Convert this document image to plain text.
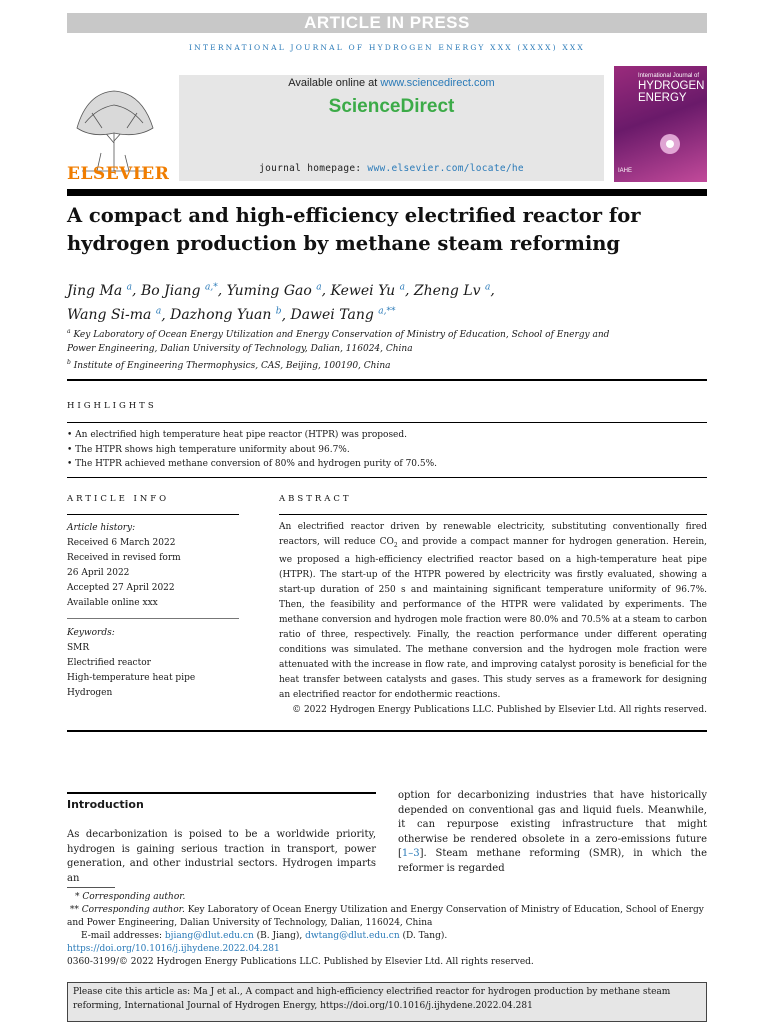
ARTICLE IN PRESS
INTERNATIONAL JOURNAL OF HYDROGEN ENERGY XXX (XXXX) XXX
ELSEVIER
Available online at www.sciencedirect.com
ScienceDirect
journal homepage: www.elsevier.com/locate/he
International Journal of
HYDROGEN
ENERGY
IAHE
A compact and high-efficiency electrified reactor for
hydrogen production by methane steam reforming
Jing Ma $^a$, Bo Jiang $^{a,*}$, Yuming Gao $^a$, Kewei Yu $^a$, Zheng Lv $^a$,
Wang Si-ma $^a$, Dazhong Yuan $^b$, Dawei Tang $^{a,**}$
$^a$ Key Laboratory of Ocean Energy Utilization and Energy Conservation of Ministry of Education, School of Energy and
Power Engineering, Dalian University of Technology, Dalian, 116024, China
$^b$ Institute of Engineering Thermophysics, CAS, Beijing, 100190, China
HIGHLIGHTS
• An electrified high temperature heat pipe reactor (HTPR) was proposed.
• The HTPR shows high temperature uniformity about 96.7%.
• The HTPR achieved methane conversion of 80% and hydrogen purity of 70.5%.
ARTICLE INFO	ABSTRACT
Article history:
Received 6 March 2022
Received in revised form
26 April 2022
Accepted 27 April 2022
Available online xxx
Keywords:
SMR
Electrified reactor
High-temperature heat pipe
Hydrogen
An electrified reactor driven by renewable electricity, substituting conventionally fired reactors, will reduce $CO_2$ and provide a compact manner for hydrogen generation. Herein, we proposed a high-efficiency electrified reactor based on a high-temperature heat pipe (HTPR). The start-up of the HTPR powered by electricity was firstly evaluated, showing a start-up duration of 250 s and maintaining significant temperature uniformity of 96.7%. Then, the feasibility and performance of the HTPR were validated by experiments. The methane conversion and hydrogen mole fraction were 80.0% and 70.5% at a steam to carbon ratio of three, respectively. Finally, the reaction performance under different operating conditions was simulated. The methane conversion and the hydrogen mole fraction were attenuated with the increase in flow rate, and improving catalyst porosity is beneficial for the heat transfer between catalysts and gases. This study serves as a framework for designing an electrified reactor for endothermic reactions.
© 2022 Hydrogen Energy Publications LLC. Published by Elsevier Ltd. All rights reserved.
Introduction
As decarbonization is poised to be a worldwide priority, hydrogen is gaining serious traction in transport, power generation, and other industrial sectors. Hydrogen imparts an
option for decarbonizing industries that have historically depended on conventional gas and liquid fuels. Meanwhile, it can repurpose existing infrastructure that might otherwise be rendered obsolete in a zero-emissions future [1–3]. Steam methane reforming (SMR), in which the reformer is regarded
* Corresponding author.
** Corresponding author. Key Laboratory of Ocean Energy Utilization and Energy Conservation of Ministry of Education, School of Energy and Power Engineering, Dalian University of Technology, Dalian, 116024, China
E-mail addresses: bjiang@dlut.edu.cn (B. Jiang), dwtang@dlut.edu.cn (D. Tang).
https://doi.org/10.1016/j.ijhydene.2022.04.281
0360-3199/© 2022 Hydrogen Energy Publications LLC. Published by Elsevier Ltd. All rights reserved.
Please cite this article as: Ma J et al., A compact and high-efficiency electrified reactor for hydrogen production by methane steam reforming, International Journal of Hydrogen Energy, https://doi.org/10.1016/j.ijhydene.2022.04.281
